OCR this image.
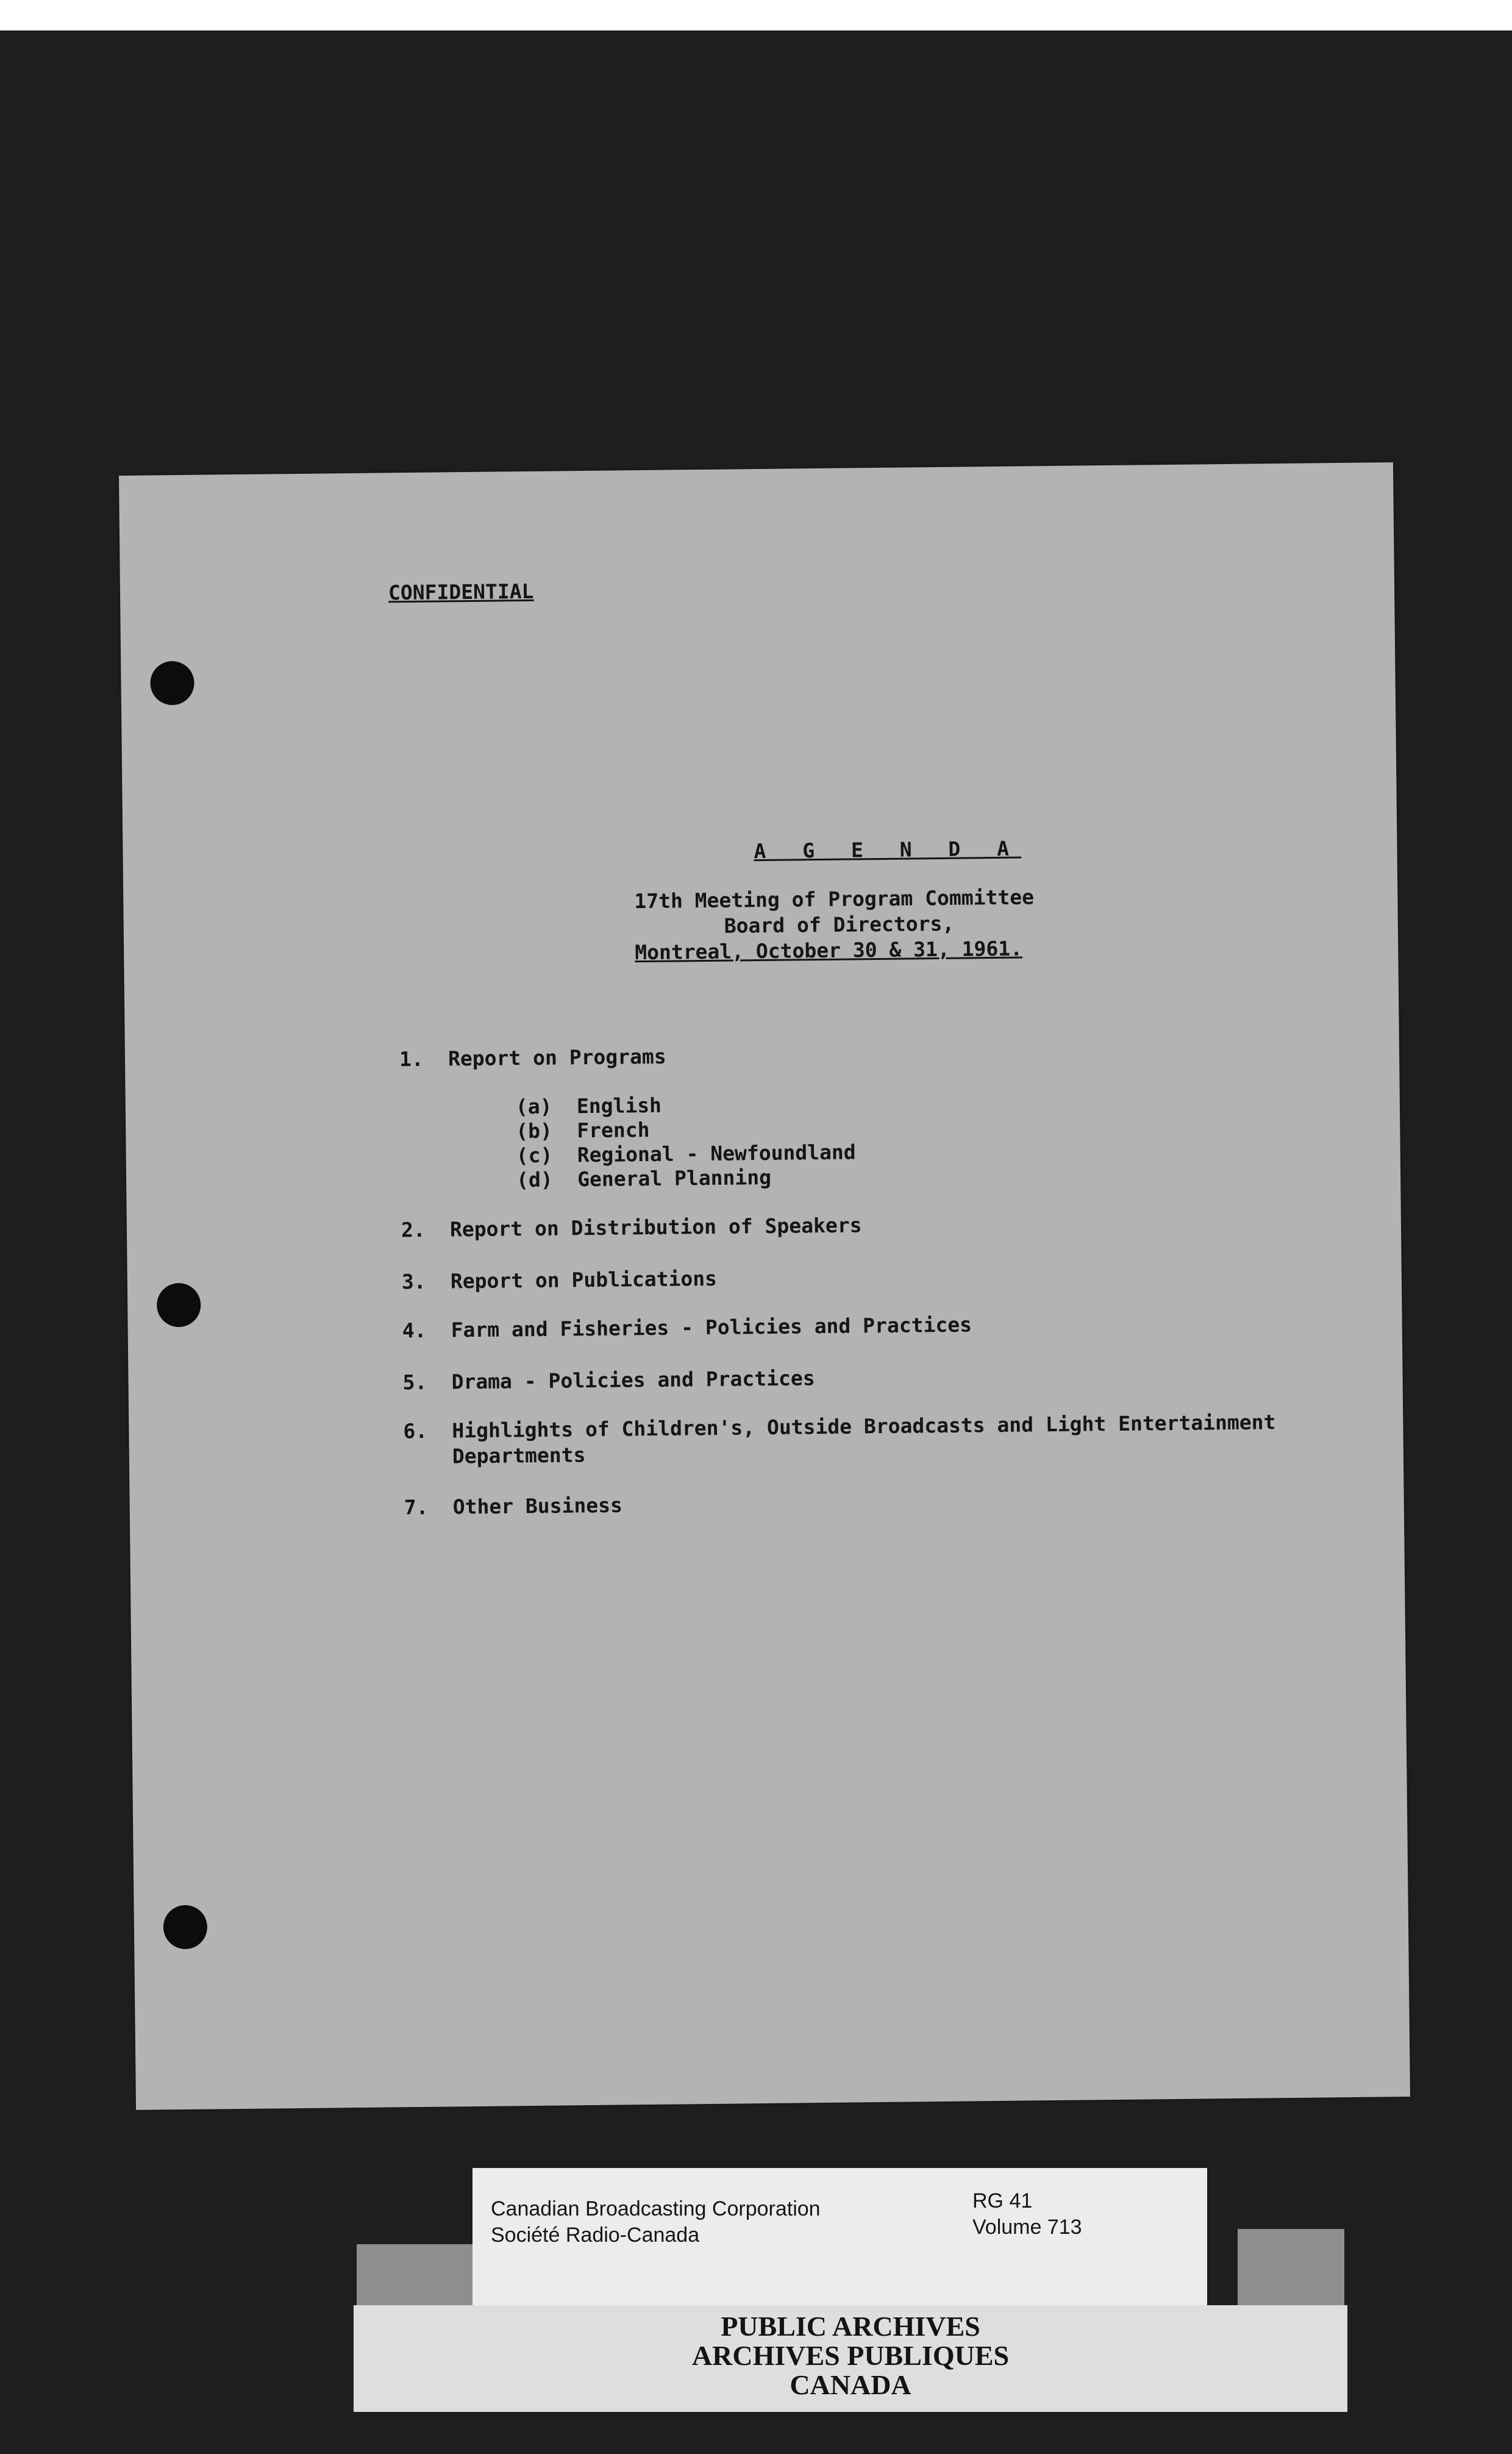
CONFIDENTIAL
A G E N D A
17th Meeting of Program Committee
Board of Directors,
Montreal, October 30 & 31, 1961.
1. Report on Programs
(a) English
(b) French
(c) Regional - Newfoundland
(d) General Planning
2. Report on Distribution of Speakers
3. Report on Publications
4. Farm and Fisheries - Policies and Practices
5. Drama - Policies and Practices
6. Highlights of Children's, Outside Broadcasts and Light Entertainment
Departments
7. Other Business
Canadian Broadcasting Corporation
Société Radio-Canada
RG 41
Volume 713
PUBLIC ARCHIVES
ARCHIVES PUBLIQUES
CANADA
